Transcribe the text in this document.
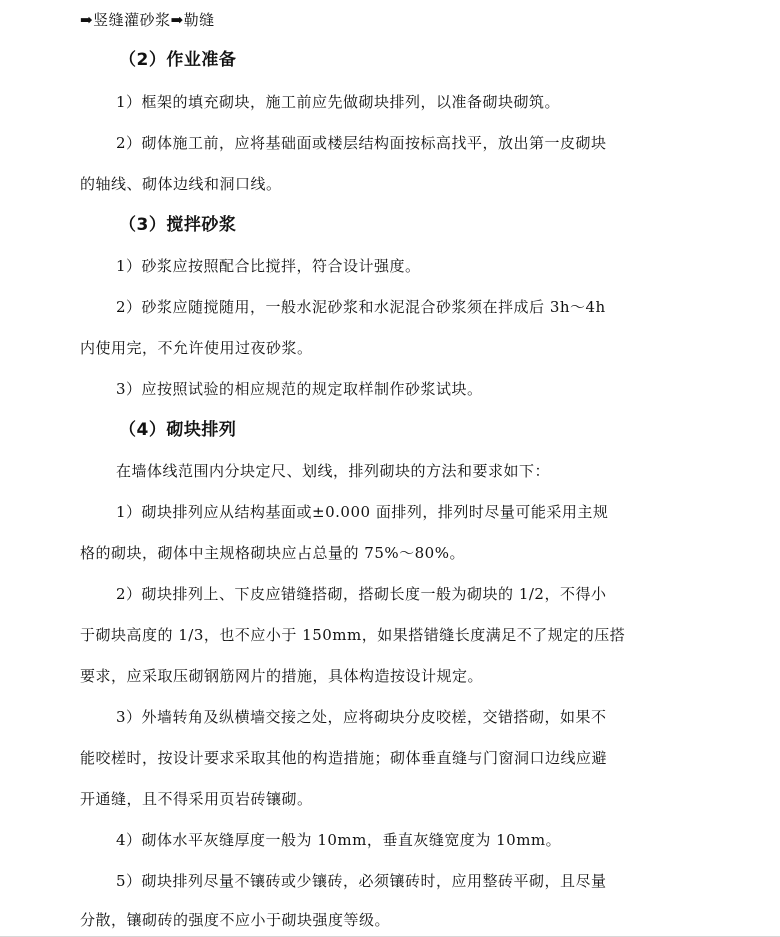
➡竖缝灌砂浆➡勒缝
（2）作业准备
1）框架的填充砌块，施工前应先做砌块排列，以准备砌块砌筑。
2）砌体施工前，应将基础面或楼层结构面按标高找平，放出第一皮砌块
的轴线、砌体边线和洞口线。
（3）搅拌砂浆
1）砂浆应按照配合比搅拌，符合设计强度。
2）砂浆应随搅随用，一般水泥砂浆和水泥混合砂浆须在拌成后 3h～4h
内使用完，不允许使用过夜砂浆。
3）应按照试验的相应规范的规定取样制作砂浆试块。
（4）砌块排列
在墙体线范围内分块定尺、划线，排列砌块的方法和要求如下：
1）砌块排列应从结构基面或±0.000 面排列，排列时尽量可能采用主规
格的砌块，砌体中主规格砌块应占总量的 75%～80%。
2）砌块排列上、下皮应错缝搭砌，搭砌长度一般为砌块的 1/2，不得小
于砌块高度的 1/3，也不应小于 150mm，如果搭错缝长度满足不了规定的压搭
要求，应采取压砌钢筋网片的措施，具体构造按设计规定。
3）外墙转角及纵横墙交接之处，应将砌块分皮咬槎，交错搭砌，如果不
能咬槎时，按设计要求采取其他的构造措施；砌体垂直缝与门窗洞口边线应避
开通缝，且不得采用页岩砖镶砌。
4）砌体水平灰缝厚度一般为 10mm，垂直灰缝宽度为 10mm。
5）砌块排列尽量不镶砖或少镶砖，必须镶砖时，应用整砖平砌，且尽量
分散，镶砌砖的强度不应小于砌块强度等级。
